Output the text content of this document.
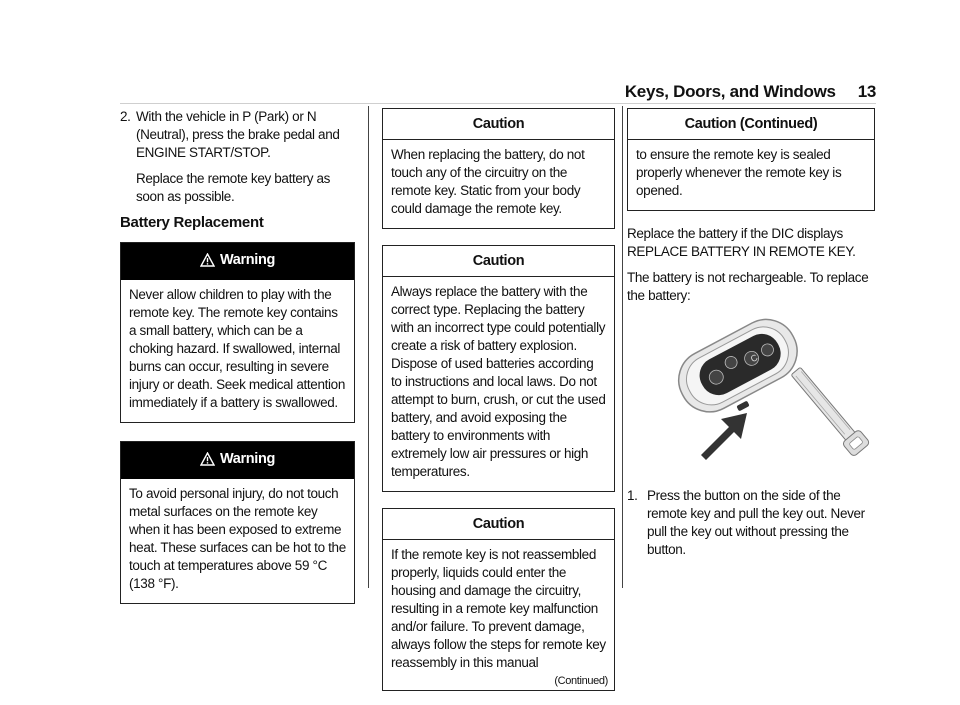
Keys, Doors, and Windows 13
2. With the vehicle in P (Park) or N (Neutral), press the brake pedal and ENGINE START/STOP.

Replace the remote key battery as soon as possible.

Battery Replacement
Warning
Never allow children to play with the remote key. The remote key contains a small battery, which can be a choking hazard. If swallowed, internal burns can occur, resulting in severe injury or death. Seek medical attention immediately if a battery is swallowed.
Warning
To avoid personal injury, do not touch metal surfaces on the remote key when it has been exposed to extreme heat. These surfaces can be hot to the touch at temperatures above 59 °C (138 °F).
Caution
When replacing the battery, do not touch any of the circuitry on the remote key. Static from your body could damage the remote key.
Caution
Always replace the battery with the correct type. Replacing the battery with an incorrect type could potentially create a risk of battery explosion. Dispose of used batteries according to instructions and local laws. Do not attempt to burn, crush, or cut the used battery, and avoid exposing the battery to environments with extremely low air pressures or high temperatures.
Caution
If the remote key is not reassembled properly, liquids could enter the housing and damage the circuitry, resulting in a remote key malfunction and/or failure. To prevent damage, always follow the steps for remote key reassembly in this manual
(Continued)
Caution (Continued)
to ensure the remote key is sealed properly whenever the remote key is opened.

Replace the battery if the DIC displays REPLACE BATTERY IN REMOTE KEY.

The battery is not rechargeable. To replace the battery:

C
1. Press the button on the side of the remote key and pull the key out. Never pull the key out without pressing the button.
